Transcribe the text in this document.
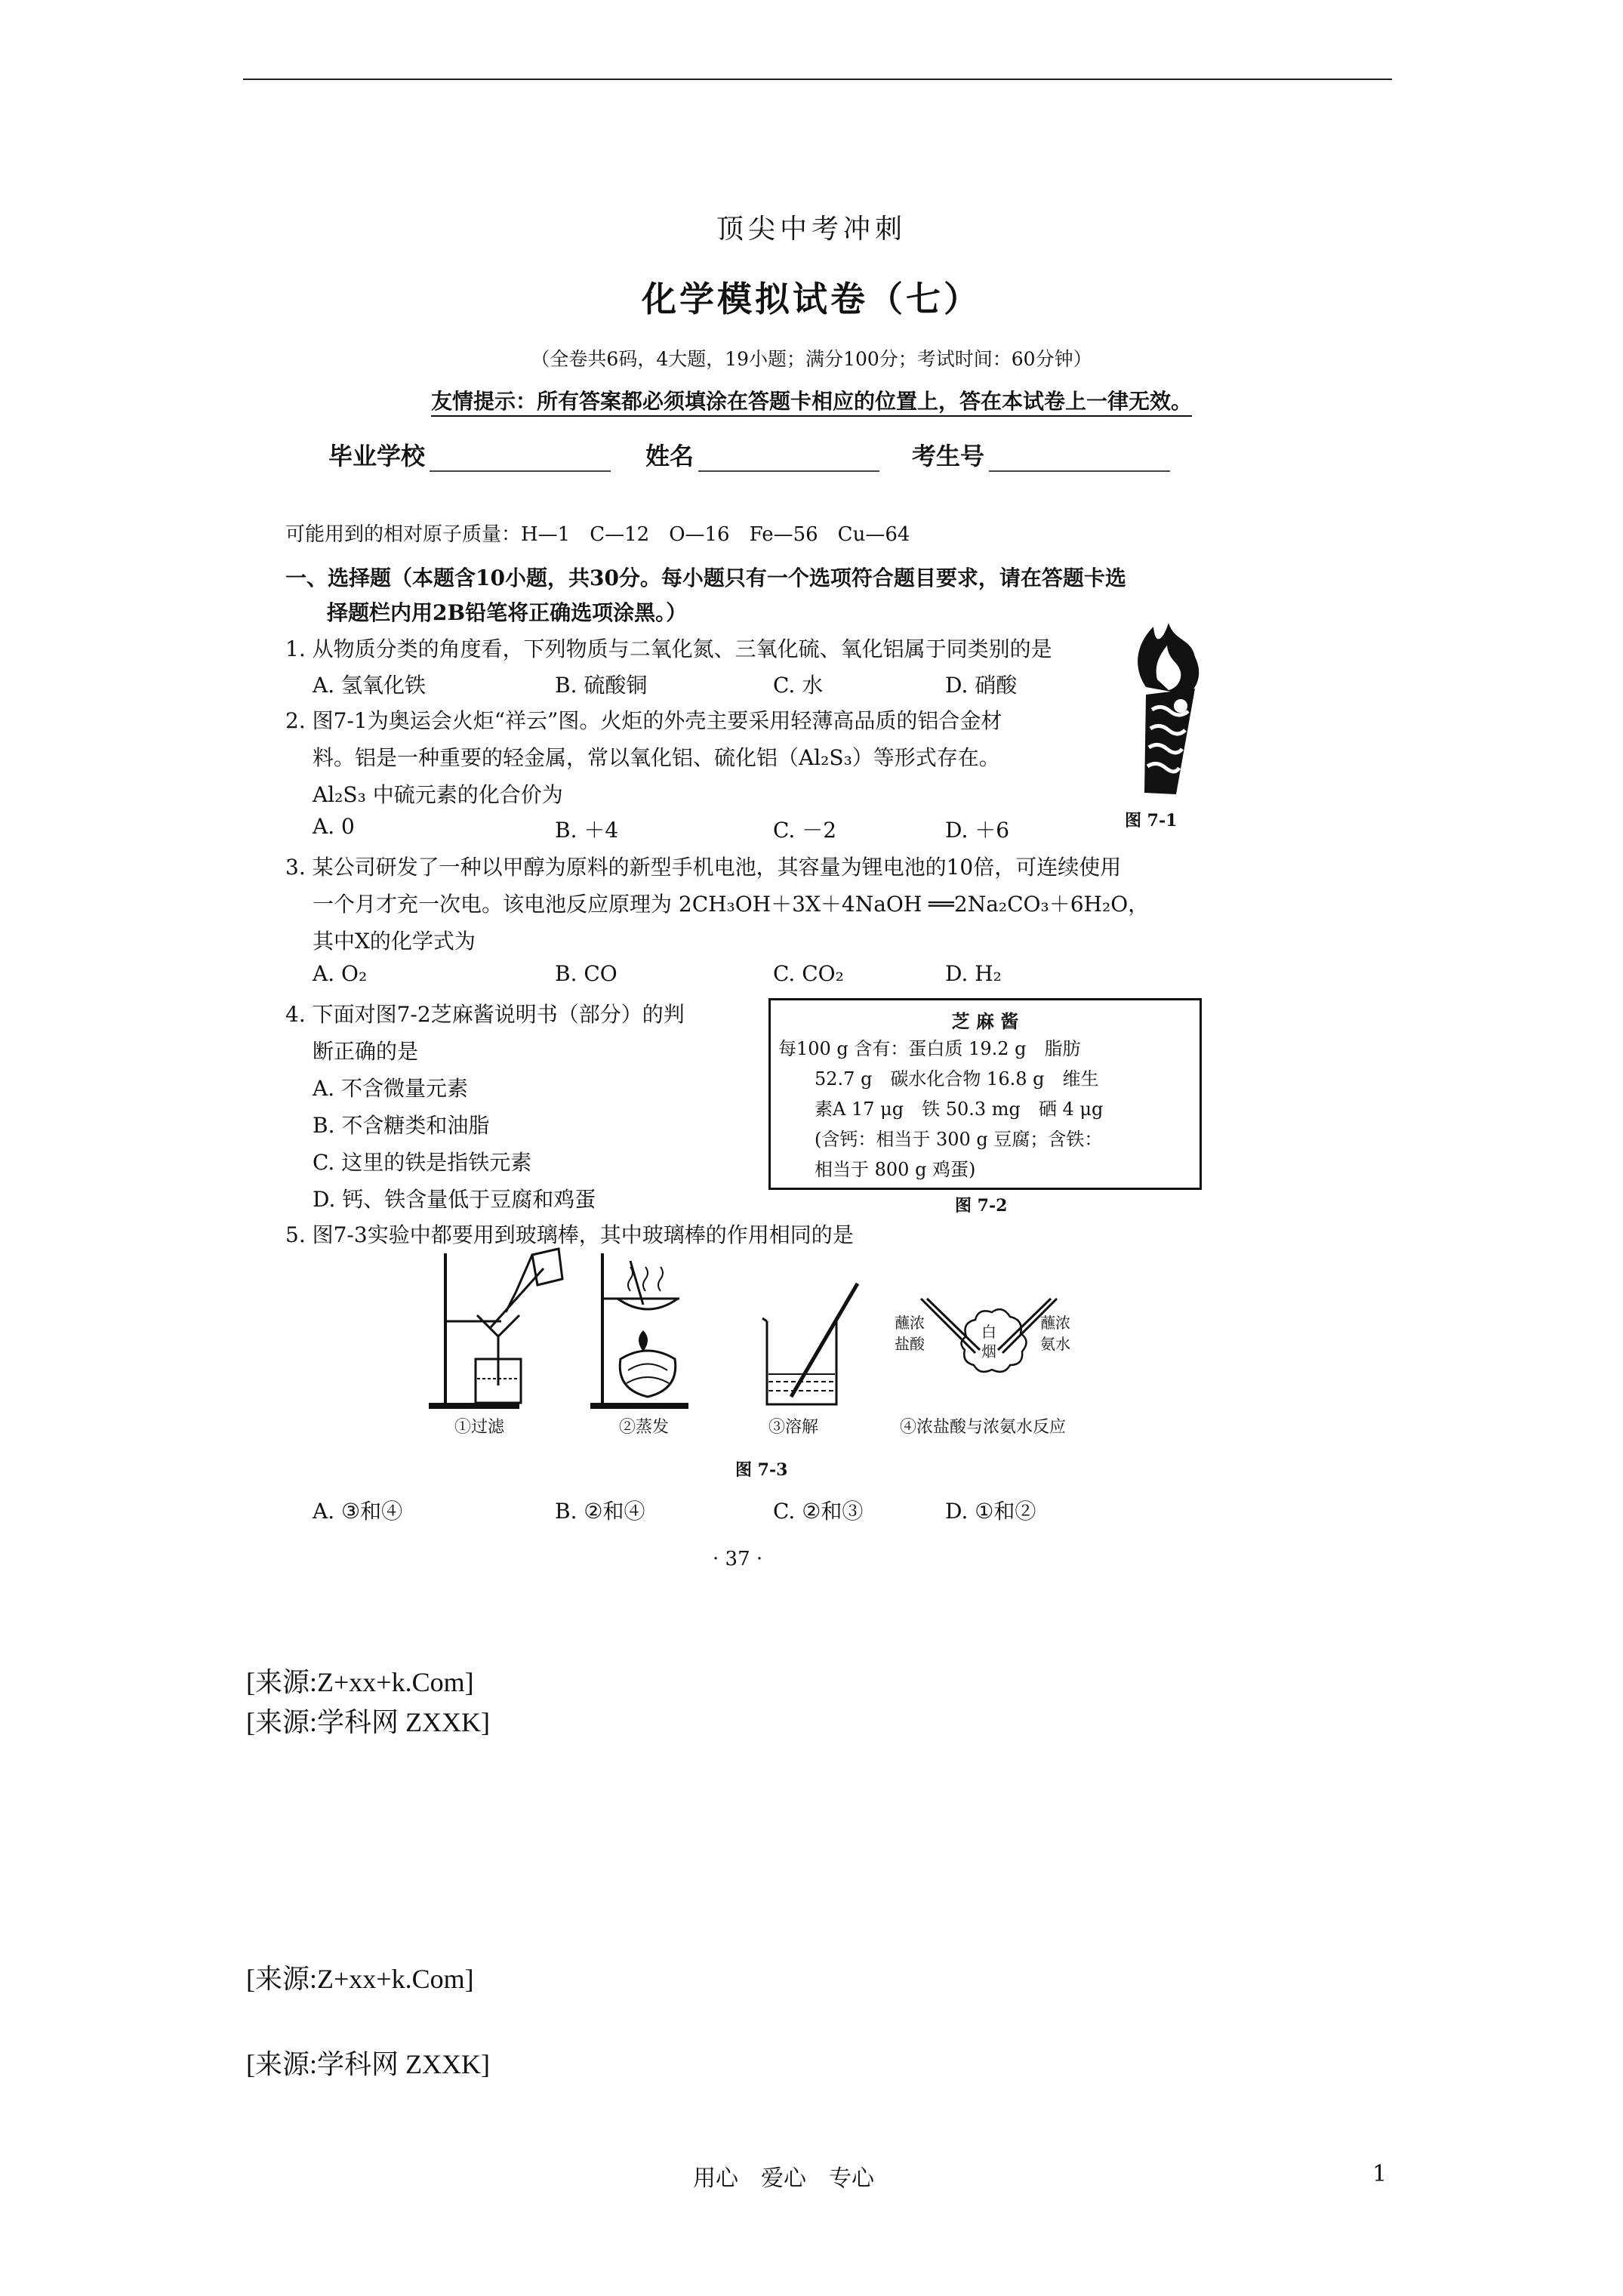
顶尖中考冲刺
化学模拟试卷（七）
（全卷共6码，4大题，19小题；满分100分；考试时间：60分钟）
友情提示：所有答案都必须填涂在答题卡相应的位置上，答在本试卷上一律无效。
毕业学校	姓名	考生号
可能用到的相对原子质量：H—1　C—12　O—16　Fe—56　Cu—64
一、选择题（本题含10小题，共30分。每小题只有一个选项符合题目要求，请在答题卡选
择题栏内用2B铅笔将正确选项涂黑。）
1. 从物质分类的角度看，下列物质与二氧化氮、三氧化硫、氧化铝属于同类别的是
A. 氢氧化铁	B. 硫酸铜	C. 水	D. 硝酸
图 7-1
2. 图7-1为奥运会火炬“祥云”图。火炬的外壳主要采用轻薄高品质的铝合金材
料。铝是一种重要的轻金属，常以氧化铝、硫化铝（Al₂S₃）等形式存在。
Al₂S₃ 中硫元素的化合价为
A. 0	B. ＋4	C. －2	D. ＋6
3. 某公司研发了一种以甲醇为原料的新型手机电池，其容量为锂电池的10倍，可连续使用
一个月才充一次电。该电池反应原理为 2CH₃OH＋3X＋4NaOH ══2Na₂CO₃＋6H₂O，
其中X的化学式为
A. O₂	B. CO	C. CO₂	D. H₂
4. 下面对图7-2芝麻酱说明书（部分）的判
断正确的是
A. 不含微量元素
B. 不含糖类和油脂
C. 这里的铁是指铁元素
D. 钙、铁含量低于豆腐和鸡蛋
芝 麻 酱
每100 g 含有：蛋白质 19.2 g　脂肪
52.7 g　碳水化合物 16.8 g　维生
素A 17 μg　铁 50.3 mg　硒 4 μg
(含钙：相当于 300 g 豆腐；含铁：
相当于 800 g 鸡蛋)
图 7-2
5. 图7-3实验中都要用到玻璃棒，其中玻璃棒的作用相同的是
①过滤	②蒸发	③溶解
蘸浓
盐酸
蘸浓
氨水
白
烟
④浓盐酸与浓氨水反应
图 7-3
A. ③和④	B. ②和④	C. ②和③	D. ①和②
· 37 ·
[来源:Z+xx+k.Com]
[来源:学科网 ZXXK]
[来源:Z+xx+k.Com]
[来源:学科网 ZXXK]
用心　爱心　专心	1
